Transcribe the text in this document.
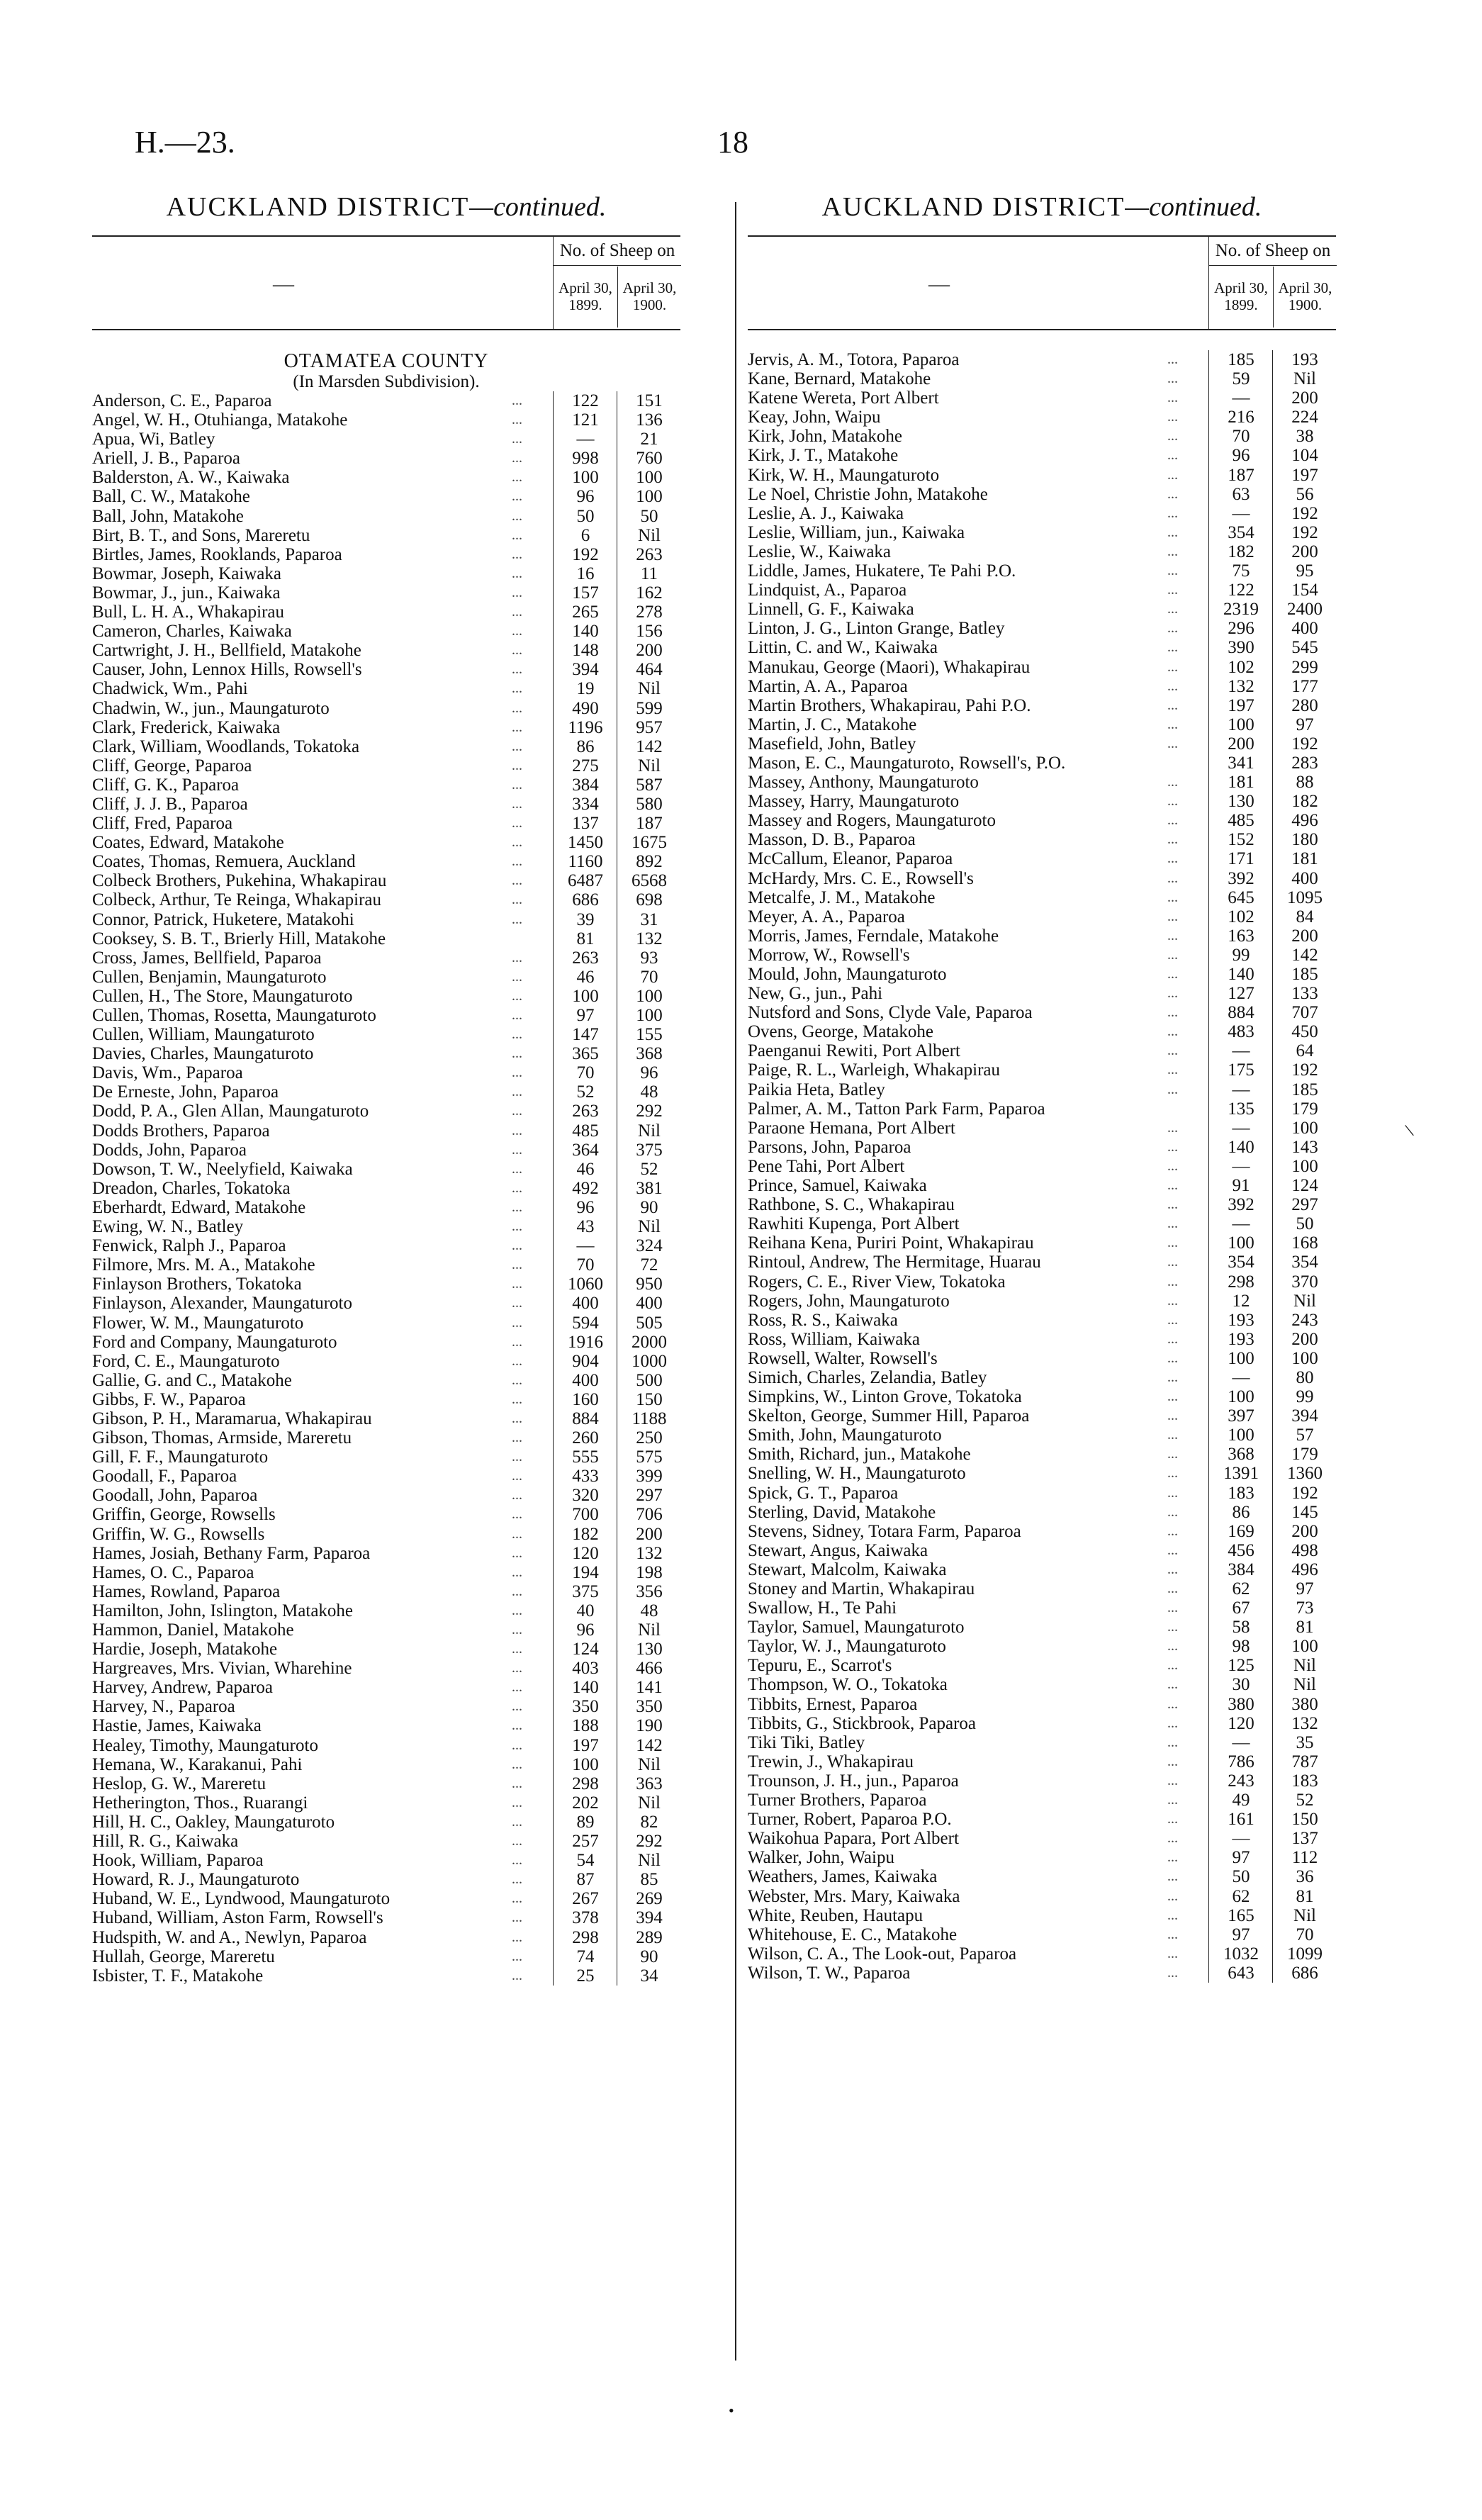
H.—23.	18
AUCKLAND DISTRICT—continued.
—
No. of Sheep on
April 30, 1899.
April 30, 1900.
OTAMATEA COUNTY
(In Marsden Subdivision).
Anderson, C. E., Paparoa	...	122	151
Angel, W. H., Otuhianga, Matakohe	...	121	136
Apua, Wi, Batley	...	—	21
Ariell, J. B., Paparoa	...	998	760
Balderston, A. W., Kaiwaka	...	100	100
Ball, C. W., Matakohe	...	96	100
Ball, John, Matakohe	...	50	50
Birt, B. T., and Sons, Mareretu	...	6	Nil
Birtles, James, Rooklands, Paparoa	...	192	263
Bowmar, Joseph, Kaiwaka	...	16	11
Bowmar, J., jun., Kaiwaka	...	157	162
Bull, L. H. A., Whakapirau	...	265	278
Cameron, Charles, Kaiwaka	...	140	156
Cartwright, J. H., Bellfield, Matakohe	...	148	200
Causer, John, Lennox Hills, Rowsell's	...	394	464
Chadwick, Wm., Pahi	...	19	Nil
Chadwin, W., jun., Maungaturoto	...	490	599
Clark, Frederick, Kaiwaka	...	1196	957
Clark, William, Woodlands, Tokatoka	...	86	142
Cliff, George, Paparoa	...	275	Nil
Cliff, G. K., Paparoa	...	384	587
Cliff, J. J. B., Paparoa	...	334	580
Cliff, Fred, Paparoa	...	137	187
Coates, Edward, Matakohe	...	1450	1675
Coates, Thomas, Remuera, Auckland	...	1160	892
Colbeck Brothers, Pukehina, Whakapirau	...	6487	6568
Colbeck, Arthur, Te Reinga, Whakapirau	...	686	698
Connor, Patrick, Huketere, Matakohi	...	39	31
Cooksey, S. B. T., Brierly Hill, Matakohe	81	132
Cross, James, Bellfield, Paparoa	...	263	93
Cullen, Benjamin, Maungaturoto	...	46	70
Cullen, H., The Store, Maungaturoto	...	100	100
Cullen, Thomas, Rosetta, Maungaturoto	...	97	100
Cullen, William, Maungaturoto	...	147	155
Davies, Charles, Maungaturoto	...	365	368
Davis, Wm., Paparoa	...	70	96
De Erneste, John, Paparoa	...	52	48
Dodd, P. A., Glen Allan, Maungaturoto	...	263	292
Dodds Brothers, Paparoa	...	485	Nil
Dodds, John, Paparoa	...	364	375
Dowson, T. W., Neelyfield, Kaiwaka	...	46	52
Dreadon, Charles, Tokatoka	...	492	381
Eberhardt, Edward, Matakohe	...	96	90
Ewing, W. N., Batley	...	43	Nil
Fenwick, Ralph J., Paparoa	...	—	324
Filmore, Mrs. M. A., Matakohe	...	70	72
Finlayson Brothers, Tokatoka	...	1060	950
Finlayson, Alexander, Maungaturoto	...	400	400
Flower, W. M., Maungaturoto	...	594	505
Ford and Company, Maungaturoto	...	1916	2000
Ford, C. E., Maungaturoto	...	904	1000
Gallie, G. and C., Matakohe	...	400	500
Gibbs, F. W., Paparoa	...	160	150
Gibson, P. H., Maramarua, Whakapirau	...	884	1188
Gibson, Thomas, Armside, Mareretu	...	260	250
Gill, F. F., Maungaturoto	...	555	575
Goodall, F., Paparoa	...	433	399
Goodall, John, Paparoa	...	320	297
Griffin, George, Rowsells	...	700	706
Griffin, W. G., Rowsells	...	182	200
Hames, Josiah, Bethany Farm, Paparoa	...	120	132
Hames, O. C., Paparoa	...	194	198
Hames, Rowland, Paparoa	...	375	356
Hamilton, John, Islington, Matakohe	...	40	48
Hammon, Daniel, Matakohe	...	96	Nil
Hardie, Joseph, Matakohe	...	124	130
Hargreaves, Mrs. Vivian, Wharehine	...	403	466
Harvey, Andrew, Paparoa	...	140	141
Harvey, N., Paparoa	...	350	350
Hastie, James, Kaiwaka	...	188	190
Healey, Timothy, Maungaturoto	...	197	142
Hemana, W., Karakanui, Pahi	...	100	Nil
Heslop, G. W., Mareretu	...	298	363
Hetherington, Thos., Ruarangi	...	202	Nil
Hill, H. C., Oakley, Maungaturoto	...	89	82
Hill, R. G., Kaiwaka	...	257	292
Hook, William, Paparoa	...	54	Nil
Howard, R. J., Maungaturoto	...	87	85
Huband, W. E., Lyndwood, Maungaturoto	...	267	269
Huband, William, Aston Farm, Rowsell's	...	378	394
Hudspith, W. and A., Newlyn, Paparoa	...	298	289
Hullah, George, Mareretu	...	74	90
Isbister, T. F., Matakohe	...	25	34
AUCKLAND DISTRICT—continued.
—
No. of Sheep on
April 30, 1899.
April 30, 1900.
Jervis, A. M., Totora, Paparoa	...	185	193
Kane, Bernard, Matakohe	...	59	Nil
Katene Wereta, Port Albert	...	—	200
Keay, John, Waipu	...	216	224
Kirk, John, Matakohe	...	70	38
Kirk, J. T., Matakohe	...	96	104
Kirk, W. H., Maungaturoto	...	187	197
Le Noel, Christie John, Matakohe	...	63	56
Leslie, A. J., Kaiwaka	...	—	192
Leslie, William, jun., Kaiwaka	...	354	192
Leslie, W., Kaiwaka	...	182	200
Liddle, James, Hukatere, Te Pahi P.O.	...	75	95
Lindquist, A., Paparoa	...	122	154
Linnell, G. F., Kaiwaka	...	2319	2400
Linton, J. G., Linton Grange, Batley	...	296	400
Littin, C. and W., Kaiwaka	...	390	545
Manukau, George (Maori), Whakapirau	...	102	299
Martin, A. A., Paparoa	...	132	177
Martin Brothers, Whakapirau, Pahi P.O.	...	197	280
Martin, J. C., Matakohe	...	100	97
Masefield, John, Batley	...	200	192
Mason, E. C., Maungaturoto, Rowsell's, P.O.	341	283
Massey, Anthony, Maungaturoto	...	181	88
Massey, Harry, Maungaturoto	...	130	182
Massey and Rogers, Maungaturoto	...	485	496
Masson, D. B., Paparoa	...	152	180
McCallum, Eleanor, Paparoa	...	171	181
McHardy, Mrs. C. E., Rowsell's	...	392	400
Metcalfe, J. M., Matakohe	...	645	1095
Meyer, A. A., Paparoa	...	102	84
Morris, James, Ferndale, Matakohe	...	163	200
Morrow, W., Rowsell's	...	99	142
Mould, John, Maungaturoto	...	140	185
New, G., jun., Pahi	...	127	133
Nutsford and Sons, Clyde Vale, Paparoa	...	884	707
Ovens, George, Matakohe	...	483	450
Paenganui Rewiti, Port Albert	...	—	64
Paige, R. L., Warleigh, Whakapirau	...	175	192
Paikia Heta, Batley	...	—	185
Palmer, A. M., Tatton Park Farm, Paparoa	135	179
Paraone Hemana, Port Albert	...	—	100
Parsons, John, Paparoa	...	140	143
Pene Tahi, Port Albert	...	—	100
Prince, Samuel, Kaiwaka	...	91	124
Rathbone, S. C., Whakapirau	...	392	297
Rawhiti Kupenga, Port Albert	...	—	50
Reihana Kena, Puriri Point, Whakapirau	...	100	168
Rintoul, Andrew, The Hermitage, Huarau	...	354	354
Rogers, C. E., River View, Tokatoka	...	298	370
Rogers, John, Maungaturoto	...	12	Nil
Ross, R. S., Kaiwaka	...	193	243
Ross, William, Kaiwaka	...	193	200
Rowsell, Walter, Rowsell's	...	100	100
Simich, Charles, Zelandia, Batley	...	—	80
Simpkins, W., Linton Grove, Tokatoka	...	100	99
Skelton, George, Summer Hill, Paparoa	...	397	394
Smith, John, Maungaturoto	...	100	57
Smith, Richard, jun., Matakohe	...	368	179
Snelling, W. H., Maungaturoto	...	1391	1360
Spick, G. T., Paparoa	...	183	192
Sterling, David, Matakohe	...	86	145
Stevens, Sidney, Totara Farm, Paparoa	...	169	200
Stewart, Angus, Kaiwaka	...	456	498
Stewart, Malcolm, Kaiwaka	...	384	496
Stoney and Martin, Whakapirau	...	62	97
Swallow, H., Te Pahi	...	67	73
Taylor, Samuel, Maungaturoto	...	58	81
Taylor, W. J., Maungaturoto	...	98	100
Tepuru, E., Scarrot's	...	125	Nil
Thompson, W. O., Tokatoka	...	30	Nil
Tibbits, Ernest, Paparoa	...	380	380
Tibbits, G., Stickbrook, Paparoa	...	120	132
Tiki Tiki, Batley	...	—	35
Trewin, J., Whakapirau	...	786	787
Trounson, J. H., jun., Paparoa	...	243	183
Turner Brothers, Paparoa	...	49	52
Turner, Robert, Paparoa P.O.	...	161	150
Waikohua Papara, Port Albert	...	—	137
Walker, John, Waipu	...	97	112
Weathers, James, Kaiwaka	...	50	36
Webster, Mrs. Mary, Kaiwaka	...	62	81
White, Reuben, Hautapu	...	165	Nil
Whitehouse, E. C., Matakohe	...	97	70
Wilson, C. A., The Look-out, Paparoa	...	1032	1099
Wilson, T. W., Paparoa	...	643	686
•
\
